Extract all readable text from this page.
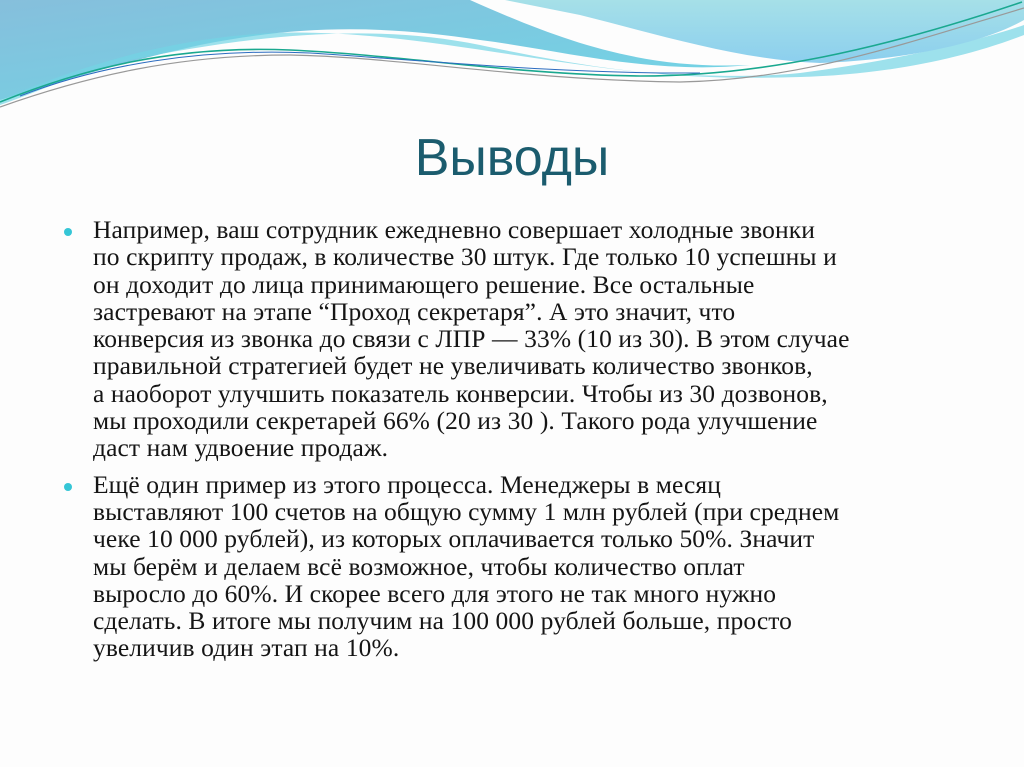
Выводы
Например, ваш сотрудник ежедневно совершает холодные звонки
по скрипту продаж, в количестве 30 штук. Где только 10 успешны и
он доходит до лица принимающего решение. Все остальные
застревают на этапе “Проход секретаря”. А это значит, что
конверсия из звонка до связи с ЛПР — 33% (10 из 30). В этом случае
правильной стратегией будет не увеличивать количество звонков,
а наоборот улучшить показатель конверсии. Чтобы из 30 дозвонов,
мы проходили секретарей 66% (20 из 30 ). Такого рода улучшение
даст нам удвоение продаж.
Ещё один пример из этого процесса. Менеджеры в месяц
выставляют 100 счетов на общую сумму 1 млн рублей (при среднем
чеке 10 000 рублей), из которых оплачивается только 50%. Значит
мы берём и делаем всё возможное, чтобы количество оплат
выросло до 60%. И скорее всего для этого не так много нужно
сделать. В итоге мы получим на 100 000 рублей больше, просто
увеличив один этап на 10%.
